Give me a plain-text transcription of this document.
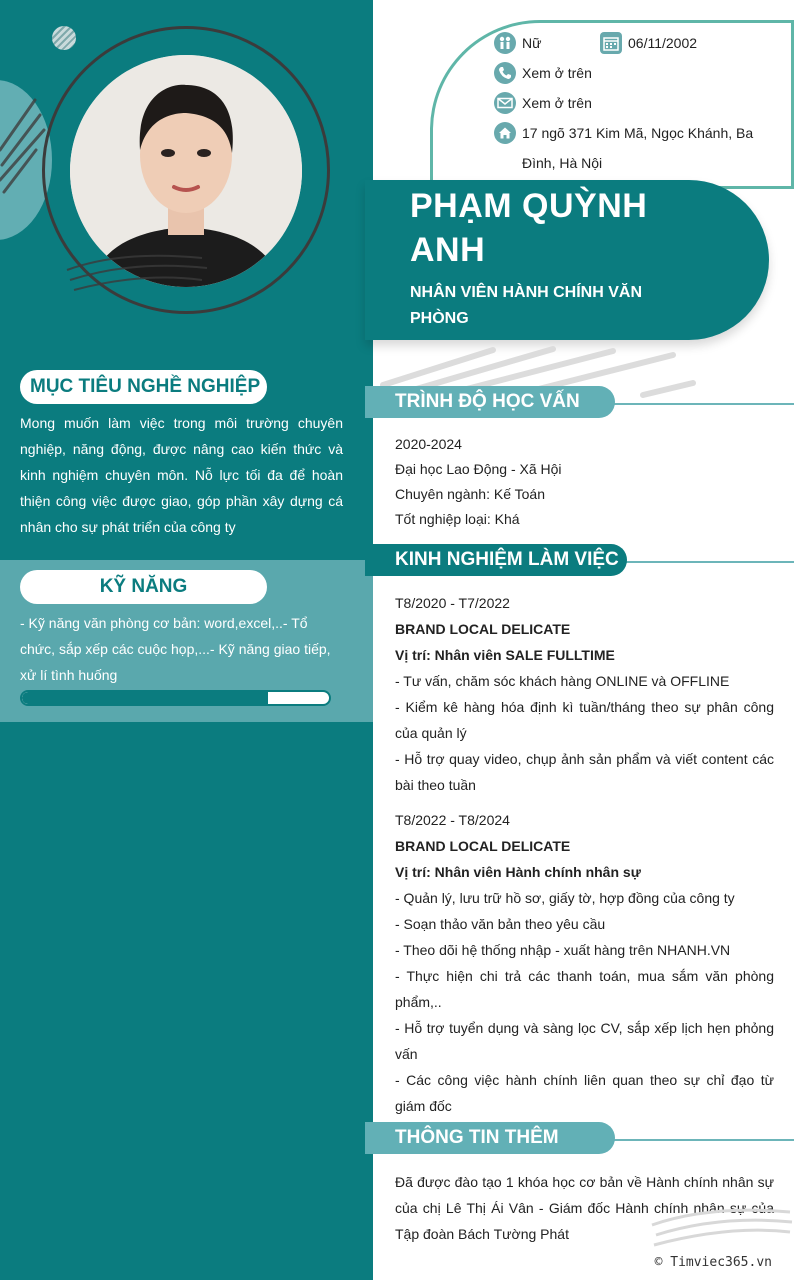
MỤC TIÊU NGHỀ NGHIỆP
Mong muốn làm việc trong môi trường chuyên nghiệp, năng động, được nâng cao kiến thức và kinh nghiệm chuyên môn. Nỗ lực tối đa để hoàn thiện công việc được giao, góp phần xây dựng cá nhân cho sự phát triển của công ty
KỸ NĂNG
- Kỹ năng văn phòng cơ bản: word,excel,..- Tổ chức, sắp xếp các cuộc họp,...- Kỹ năng giao tiếp, xử lí tình huống
Nữ	06/11/2002
Xem ở trên
Xem ở trên
17 ngõ 371 Kim Mã, Ngọc Khánh, Ba Đình, Hà Nội
PHẠM QUỲNH ANH
NHÂN VIÊN HÀNH CHÍNH VĂN PHÒNG
TRÌNH ĐỘ HỌC VẤN
2020-2024
Đại học Lao Động - Xã Hội
Chuyên ngành: Kế Toán
Tốt nghiệp loại: Khá
KINH NGHIỆM LÀM VIỆC
T8/2020 - T7/2022
BRAND LOCAL DELICATE
Vị trí: Nhân viên SALE FULLTIME
- Tư vấn, chăm sóc khách hàng ONLINE và OFFLINE
- Kiểm kê hàng hóa định kì tuần/tháng theo sự phân công của quản lý
- Hỗ trợ quay video, chụp ảnh sản phẩm và viết content các bài theo tuần
T8/2022 - T8/2024
BRAND LOCAL DELICATE
Vị trí: Nhân viên Hành chính nhân sự
- Quản lý, lưu trữ hồ sơ, giấy tờ, hợp đồng của công ty
- Soạn thảo văn bản theo yêu cầu
- Theo dõi hệ thống nhập - xuất hàng trên NHANH.VN
- Thực hiện chi trả các thanh toán, mua sắm văn phòng phẩm,..
- Hỗ trợ tuyển dụng và sàng lọc CV, sắp xếp lịch hẹn phỏng vấn
- Các công việc hành chính liên quan theo sự chỉ đạo từ giám đốc
THÔNG TIN THÊM
Đã được đào tạo 1 khóa học cơ bản về Hành chính nhân sự của chị Lê Thị Ái Vân - Giám đốc Hành chính nhân sự của Tập đoàn Bách Tường Phát
© Timviec365.vn
